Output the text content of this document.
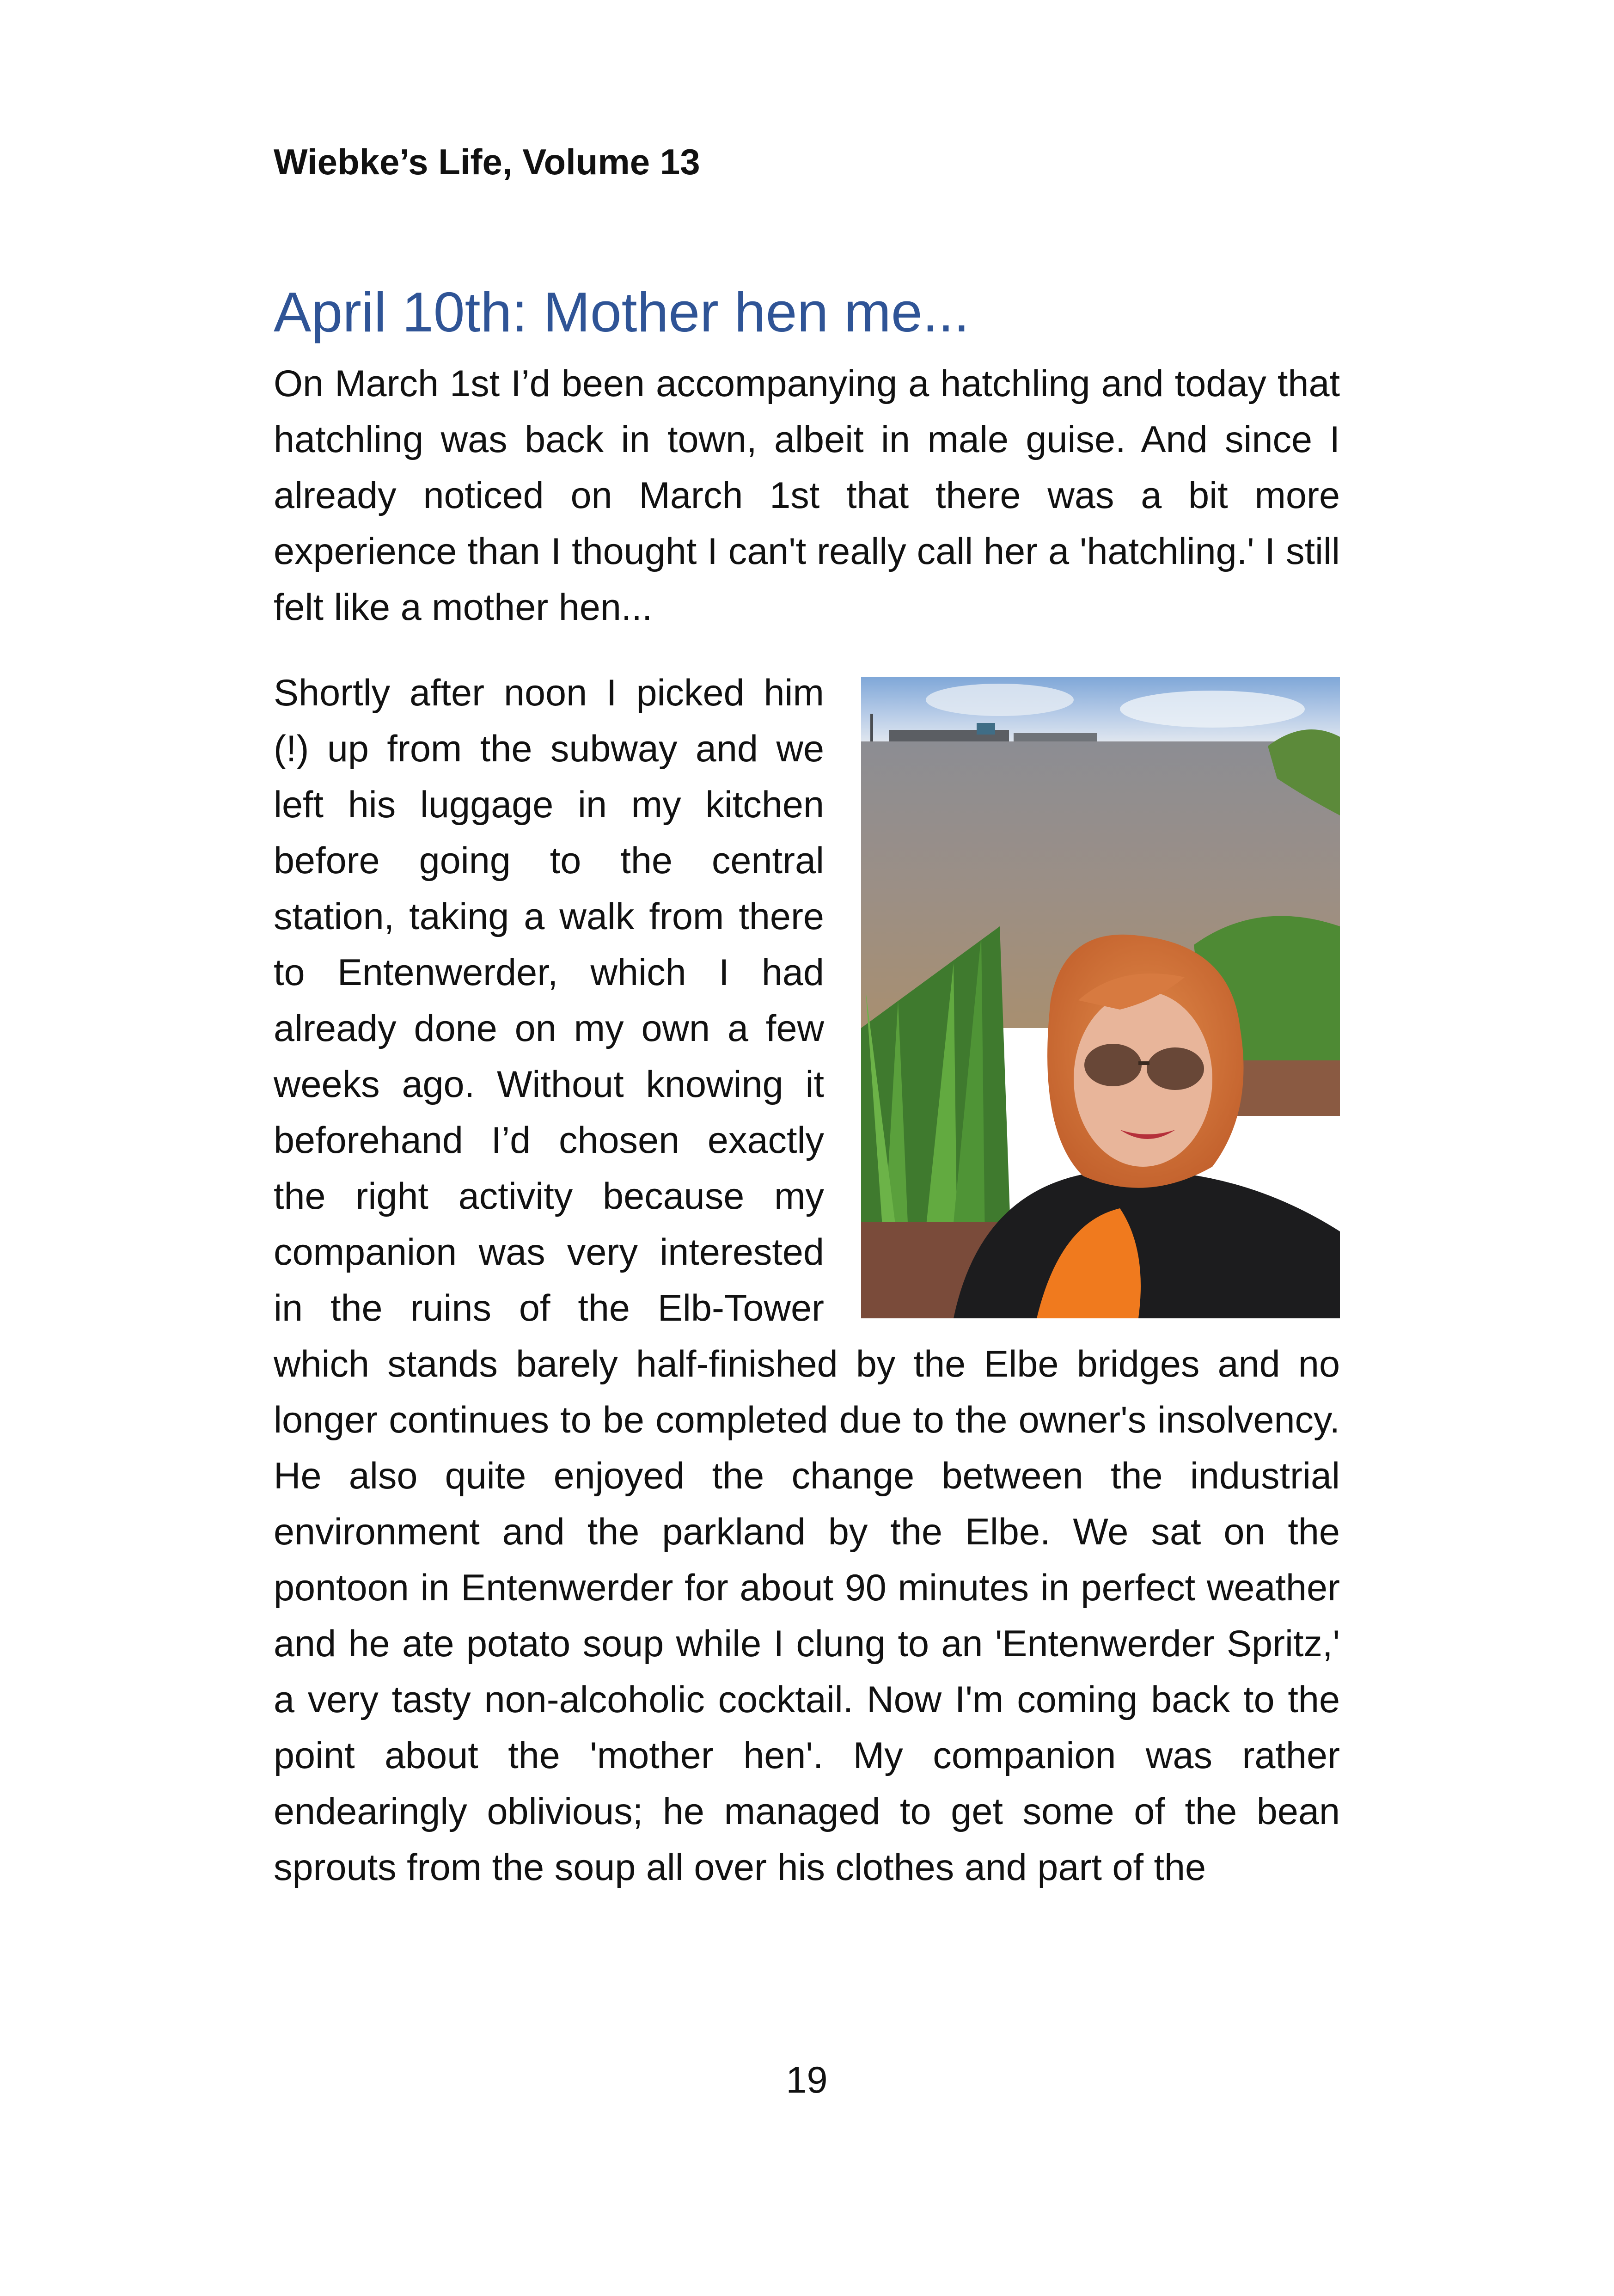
Wiebke’s Life, Volume 13
April 10th: Mother hen me...

On March 1st I’d been accompanying a hatchling and today that hatchling was back in town, albeit in male guise. And since I already noticed on March 1st that there was a bit more experience than I thought I can't really call her a 'hatchling.' I still felt like a mother hen...

Shortly after noon I picked him (!) up from the subway and we left his luggage in my kitchen before going to the central station, taking a walk from there to Entenwerder, which I had already done on my own a few weeks ago. Without knowing it beforehand I’d chosen exactly the right activity because my companion was very interested in the ruins of the Elb-Tower which stands barely half-finished by the Elbe bridges and no longer continues to be completed due to the owner's insolvency. He also quite enjoyed the change between the industrial environment and the parkland by the Elbe. We sat on the pontoon in Entenwerder for about 90 minutes in perfect weather and he ate potato soup while I clung to an 'Entenwerder Spritz,' a very tasty non-alcoholic cocktail. Now I'm coming back to the point about the 'mother hen'. My companion was rather endearingly oblivious; he managed to get some of the bean sprouts from the soup all over his clothes and part of the

19
